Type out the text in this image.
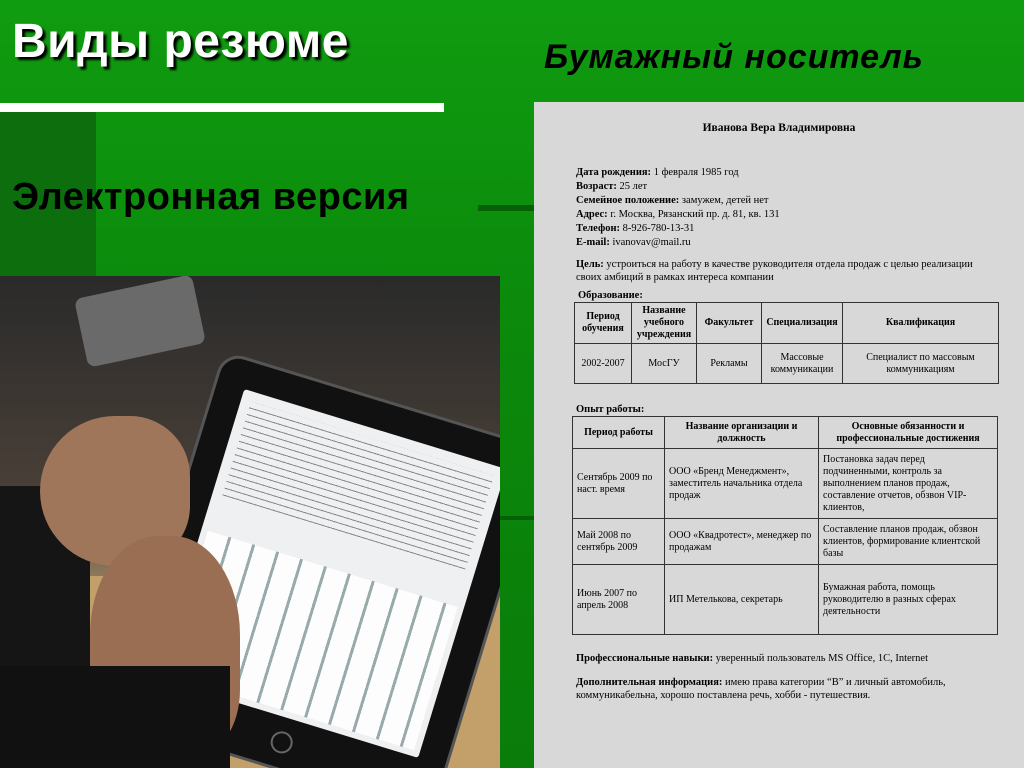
Виды резюме	Бумажный носитель
Электронная версия
Иванова Вера Владимировна
Дата рождения: 1 февраля 1985 год
Возраст: 25 лет
Семейное положение: замужем, детей нет
Адрес: г. Москва, Рязанский пр. д. 81, кв. 131
Телефон: 8-926-780-13-31
E-mail: ivanovav@mail.ru
Цель: устроиться на работу в качестве руководителя отдела продаж с целью реализации своих амбиций в рамках интереса компании
Образование:
Период обучения	Название учебного учреждения	Факультет	Специализация	Квалификация
2002-2007	МосГУ	Рекламы	Массовые коммуникации	Специалист по массовым коммуникациям
Опыт работы:
Период работы	Название организации и должность	Основные обязанности и профессиональные достижения
Сентябрь 2009 по наст. время	ООО «Бренд Менеджмент», заместитель начальника отдела продаж	Постановка задач перед подчиненными, контроль за выполнением планов продаж, составление отчетов, обзвон VIP-клиентов,
Май 2008 по сентябрь 2009	ООО «Квадротест», менеджер по продажам	Составление планов продаж, обзвон клиентов, формирование клиентской базы
Июнь 2007 по апрель 2008	ИП Метелькова, секретарь	Бумажная работа, помощь руководителю в разных сферах деятельности
Профессиональные навыки: уверенный пользователь MS Office, 1C, Internet
Дополнительная информация: имею права категории “В” и личный автомобиль, коммуникабельна, хорошо поставлена речь, хобби - путешествия.
